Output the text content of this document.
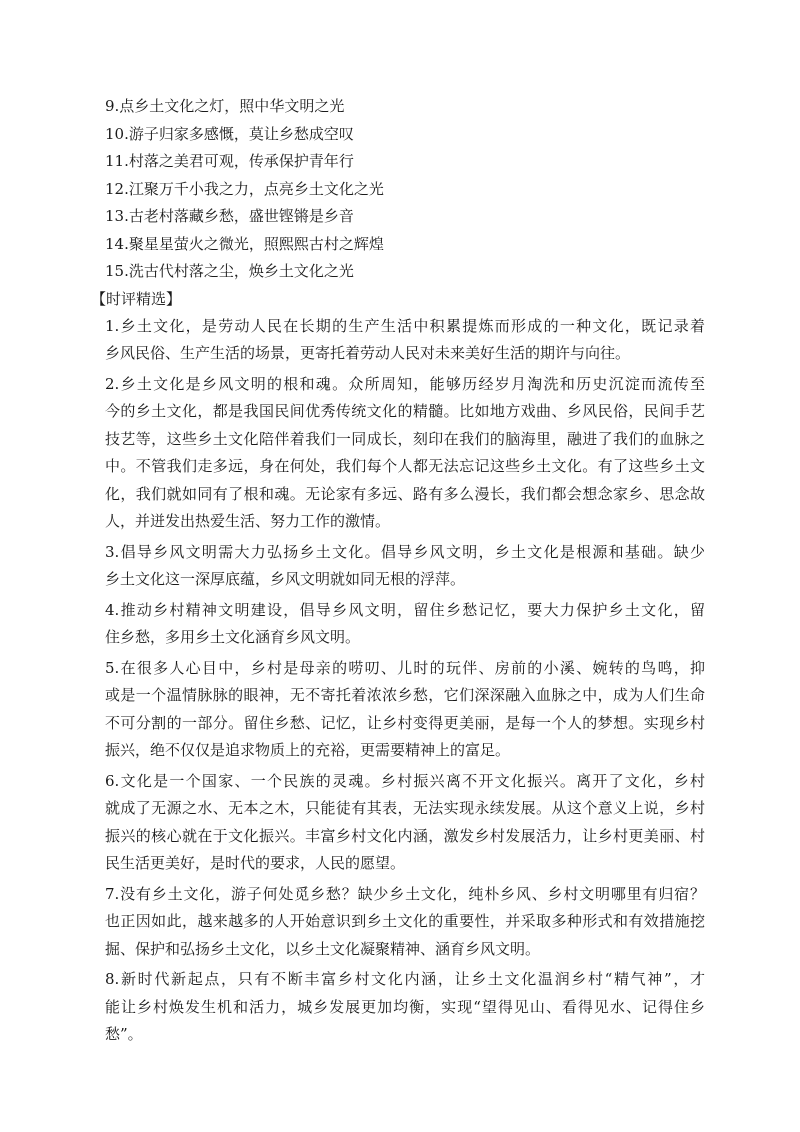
9.点乡土文化之灯，照中华文明之光
10.游子归家多感慨，莫让乡愁成空叹
11.村落之美君可观，传承保护青年行
12.江聚万千小我之力，点亮乡土文化之光
13.古老村落藏乡愁，盛世铿锵是乡音
14.聚星星萤火之微光，照熙熙古村之辉煌
15.洗古代村落之尘，焕乡土文化之光
【时评精选】
1.乡土文化，是劳动人民在长期的生产生活中积累提炼而形成的一种文化，既记录着
乡风民俗、生产生活的场景，更寄托着劳动人民对未来美好生活的期许与向往。
2.乡土文化是乡风文明的根和魂。众所周知，能够历经岁月淘洗和历史沉淀而流传至
今的乡土文化，都是我国民间优秀传统文化的精髓。比如地方戏曲、乡风民俗，民间手艺
技艺等，这些乡土文化陪伴着我们一同成长，刻印在我们的脑海里，融进了我们的血脉之
中。不管我们走多远，身在何处，我们每个人都无法忘记这些乡土文化。有了这些乡土文
化，我们就如同有了根和魂。无论家有多远、路有多么漫长，我们都会想念家乡、思念故
人，并迸发出热爱生活、努力工作的激情。
3.倡导乡风文明需大力弘扬乡土文化。倡导乡风文明，乡土文化是根源和基础。缺少
乡土文化这一深厚底蕴，乡风文明就如同无根的浮萍。
4.推动乡村精神文明建设，倡导乡风文明，留住乡愁记忆，要大力保护乡土文化，留
住乡愁，多用乡土文化涵育乡风文明。
5.在很多人心目中，乡村是母亲的唠叨、儿时的玩伴、房前的小溪、婉转的鸟鸣，抑
或是一个温情脉脉的眼神，无不寄托着浓浓乡愁，它们深深融入血脉之中，成为人们生命
不可分割的一部分。留住乡愁、记忆，让乡村变得更美丽，是每一个人的梦想。实现乡村
振兴，绝不仅仅是追求物质上的充裕，更需要精神上的富足。
6.文化是一个国家、一个民族的灵魂。乡村振兴离不开文化振兴。离开了文化，乡村
就成了无源之水、无本之木，只能徒有其表，无法实现永续发展。从这个意义上说，乡村
振兴的核心就在于文化振兴。丰富乡村文化内涵，激发乡村发展活力，让乡村更美丽、村
民生活更美好，是时代的要求，人民的愿望。
7.没有乡土文化，游子何处觅乡愁？缺少乡土文化，纯朴乡风、乡村文明哪里有归宿？
也正因如此，越来越多的人开始意识到乡土文化的重要性，并采取多种形式和有效措施挖
掘、保护和弘扬乡土文化，以乡土文化凝聚精神、涵育乡风文明。
8.新时代新起点，只有不断丰富乡村文化内涵，让乡土文化温润乡村“精气神”，才
能让乡村焕发生机和活力，城乡发展更加均衡，实现“望得见山、看得见水、记得住乡
愁”。
